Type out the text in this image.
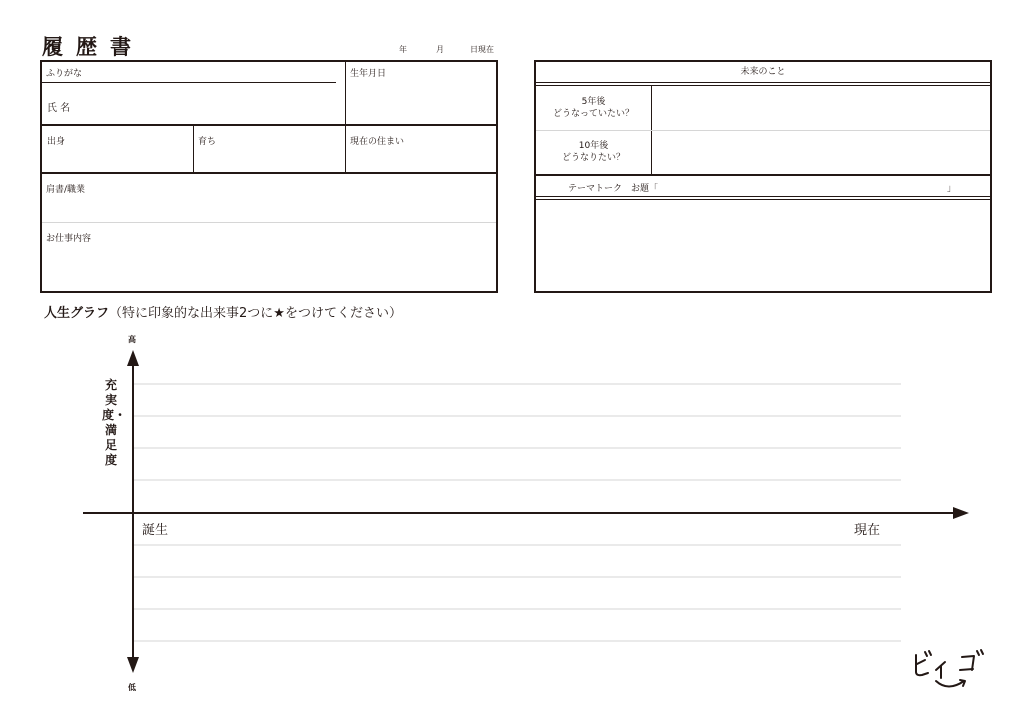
履歴書	年	月	日現在
ふりがな
氏 名
生年月日
出身	育ち	現在の住まい
肩書/職業
お仕事内容
未来のこと
5年後
どうなっていたい？
10年後
どうなりたい？
テーマトーク　お題「	」
人生グラフ（特に印象的な出来事2つに★をつけてください）
高
低
充実度・満足度
誕生	現在
